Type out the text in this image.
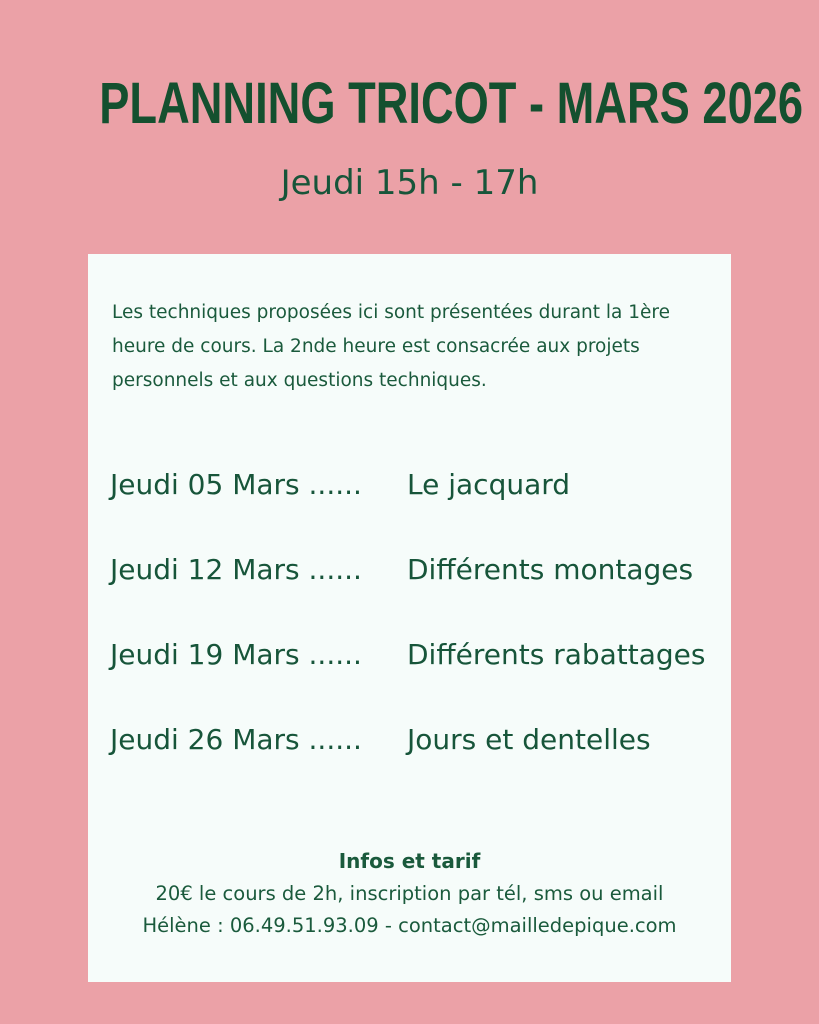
PLANNING TRICOT - MARS 2026
Jeudi 15h - 17h
Les techniques proposées ici sont présentées durant la 1ère heure de cours. La 2nde heure est consacrée aux projets personnels et aux questions techniques.
Jeudi 05 Mars ...... Le jacquard
Jeudi 12 Mars ...... Différents montages
Jeudi 19 Mars ...... Différents rabattages
Jeudi 26 Mars ...... Jours et dentelles
Infos et tarif
20€ le cours de 2h, inscription par tél, sms ou email
Hélène : 06.49.51.93.09 - contact@mailledepique.com
